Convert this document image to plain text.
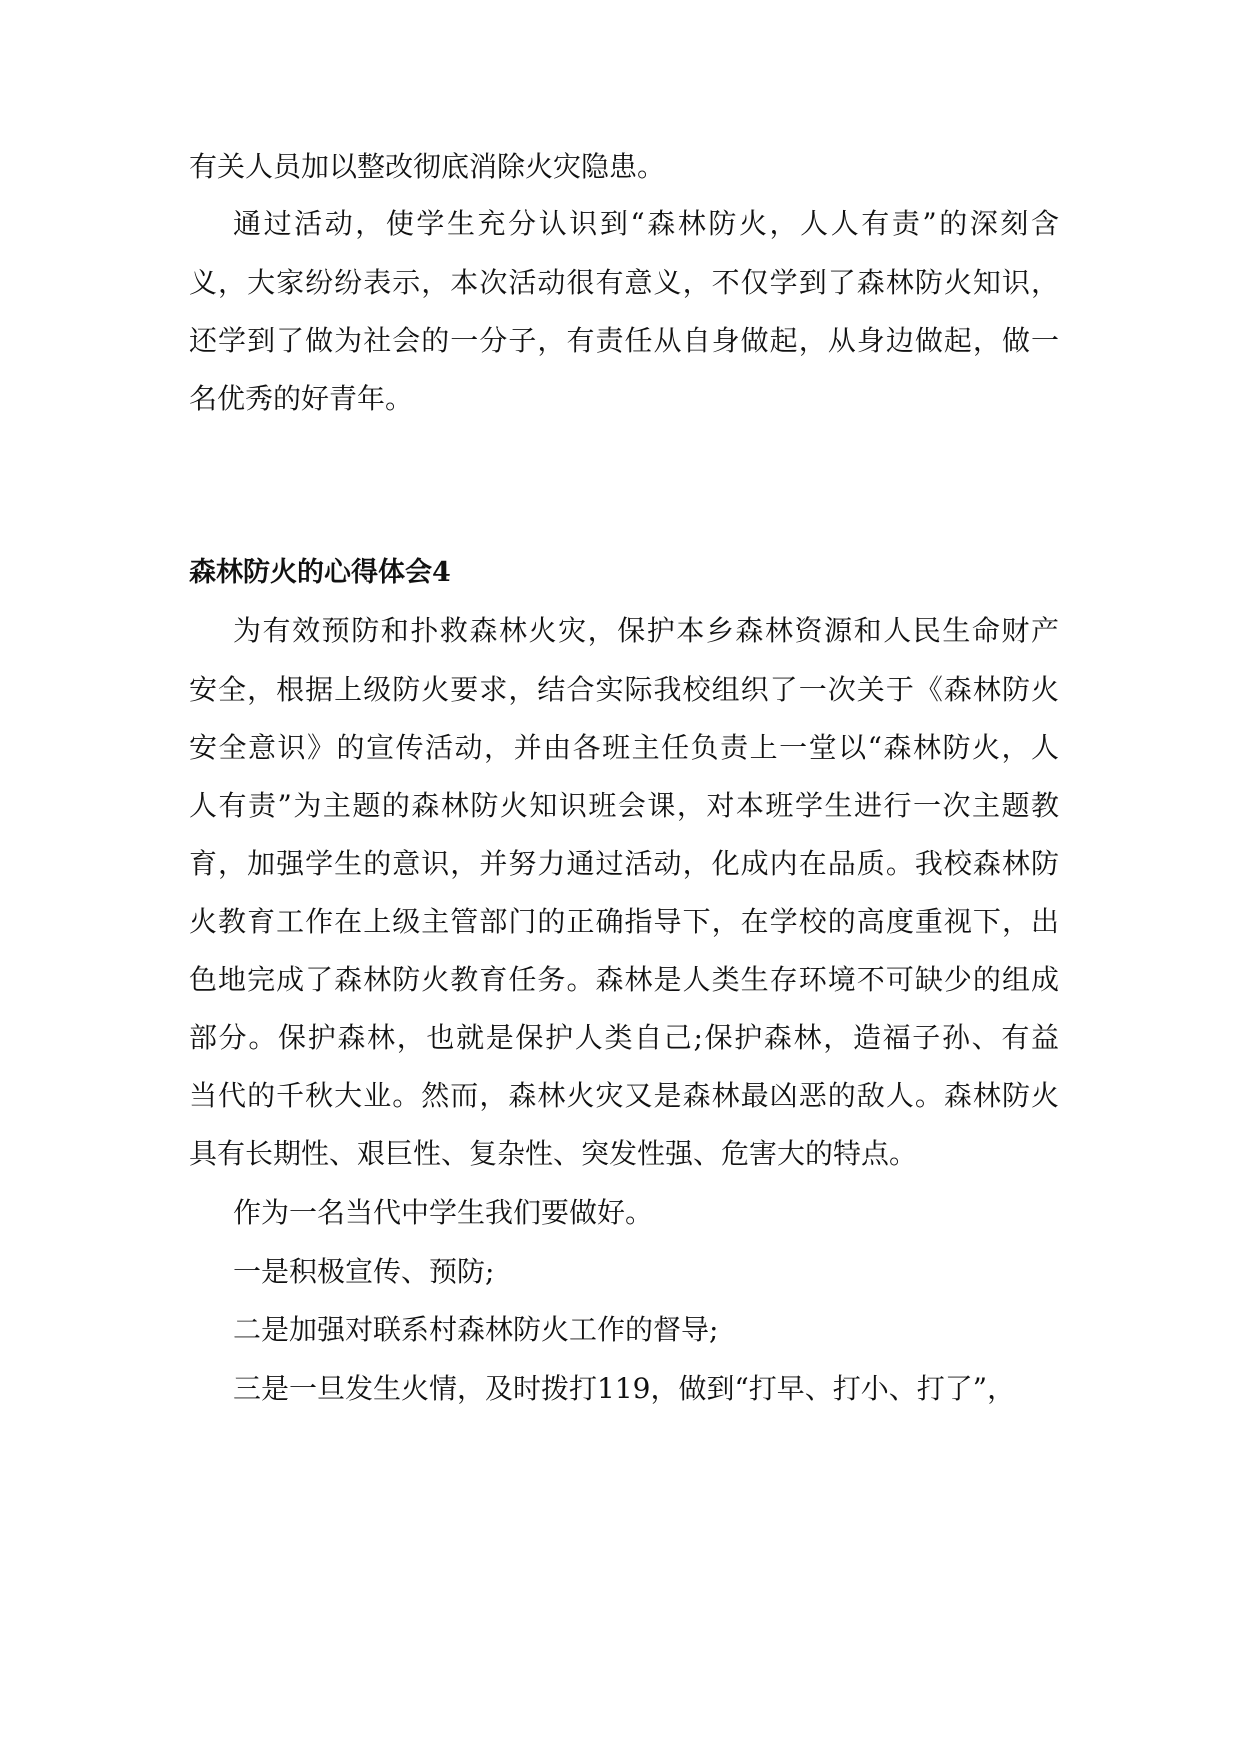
有关人员加以整改彻底消除火灾隐患。

通过活动，使学生充分认识到“森林防火，人人有责”的深刻含

义，大家纷纷表示，本次活动很有意义，不仅学到了森林防火知识，

还学到了做为社会的一分子，有责任从自身做起，从身边做起，做一

名优秀的好青年。

森林防火的心得体会4

为有效预防和扑救森林火灾，保护本乡森林资源和人民生命财产

安全，根据上级防火要求，结合实际我校组织了一次关于《森林防火

安全意识》的宣传活动，并由各班主任负责上一堂以“森林防火，人

人有责”为主题的森林防火知识班会课，对本班学生进行一次主题教

育，加强学生的意识，并努力通过活动，化成内在品质。我校森林防

火教育工作在上级主管部门的正确指导下，在学校的高度重视下，出

色地完成了森林防火教育任务。森林是人类生存环境不可缺少的组成

部分。保护森林，也就是保护人类自己;保护森林，造福子孙、有益

当代的千秋大业。然而，森林火灾又是森林最凶恶的敌人。森林防火

具有长期性、艰巨性、复杂性、突发性强、危害大的特点。

作为一名当代中学生我们要做好。

一是积极宣传、预防;

二是加强对联系村森林防火工作的督导;

三是一旦发生火情，及时拨打119，做到“打早、打小、打了”，
